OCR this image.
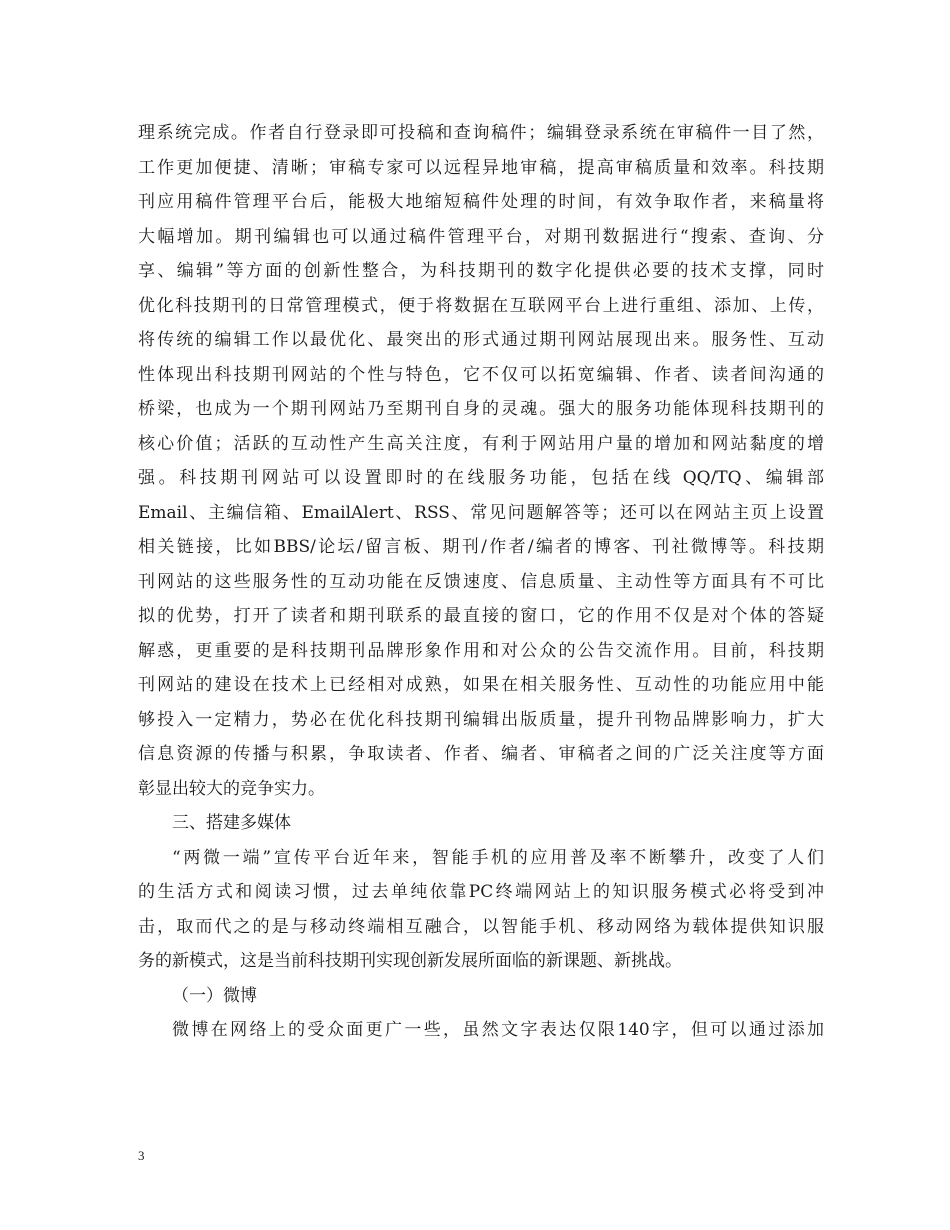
理系统完成。作者自行登录即可投稿和查询稿件；编辑登录系统在审稿件一目了然，
工作更加便捷、清晰；审稿专家可以远程异地审稿，提高审稿质量和效率。科技期
刊应用稿件管理平台后，能极大地缩短稿件处理的时间，有效争取作者，来稿量将
大幅增加。期刊编辑也可以通过稿件管理平台，对期刊数据进行“搜索、查询、分
享、编辑”等方面的创新性整合，为科技期刊的数字化提供必要的技术支撑，同时
优化科技期刊的日常管理模式，便于将数据在互联网平台上进行重组、添加、上传，
将传统的编辑工作以最优化、最突出的形式通过期刊网站展现出来。服务性、互动
性体现出科技期刊网站的个性与特色，它不仅可以拓宽编辑、作者、读者间沟通的
桥梁，也成为一个期刊网站乃至期刊自身的灵魂。强大的服务功能体现科技期刊的
核心价值；活跃的互动性产生高关注度，有利于网站用户量的增加和网站黏度的增
强。科技期刊网站可以设置即时的在线服务功能，包括在线 QQ/TQ、编辑部
Email、主编信箱、EmailAlert、RSS、常见问题解答等；还可以在网站主页上设置
相关链接，比如BBS/论坛/留言板、期刊/作者/编者的博客、刊社微博等。科技期
刊网站的这些服务性的互动功能在反馈速度、信息质量、主动性等方面具有不可比
拟的优势，打开了读者和期刊联系的最直接的窗口，它的作用不仅是对个体的答疑
解惑，更重要的是科技期刊品牌形象作用和对公众的公告交流作用。目前，科技期
刊网站的建设在技术上已经相对成熟，如果在相关服务性、互动性的功能应用中能
够投入一定精力，势必在优化科技期刊编辑出版质量，提升刊物品牌影响力，扩大
信息资源的传播与积累，争取读者、作者、编者、审稿者之间的广泛关注度等方面
彰显出较大的竞争实力。
三、搭建多媒体
“两微一端”宣传平台近年来，智能手机的应用普及率不断攀升，改变了人们
的生活方式和阅读习惯，过去单纯依靠PC终端网站上的知识服务模式必将受到冲
击，取而代之的是与移动终端相互融合，以智能手机、移动网络为载体提供知识服
务的新模式，这是当前科技期刊实现创新发展所面临的新课题、新挑战。
（一）微博
微博在网络上的受众面更广一些，虽然文字表达仅限140字，但可以通过添加
3
